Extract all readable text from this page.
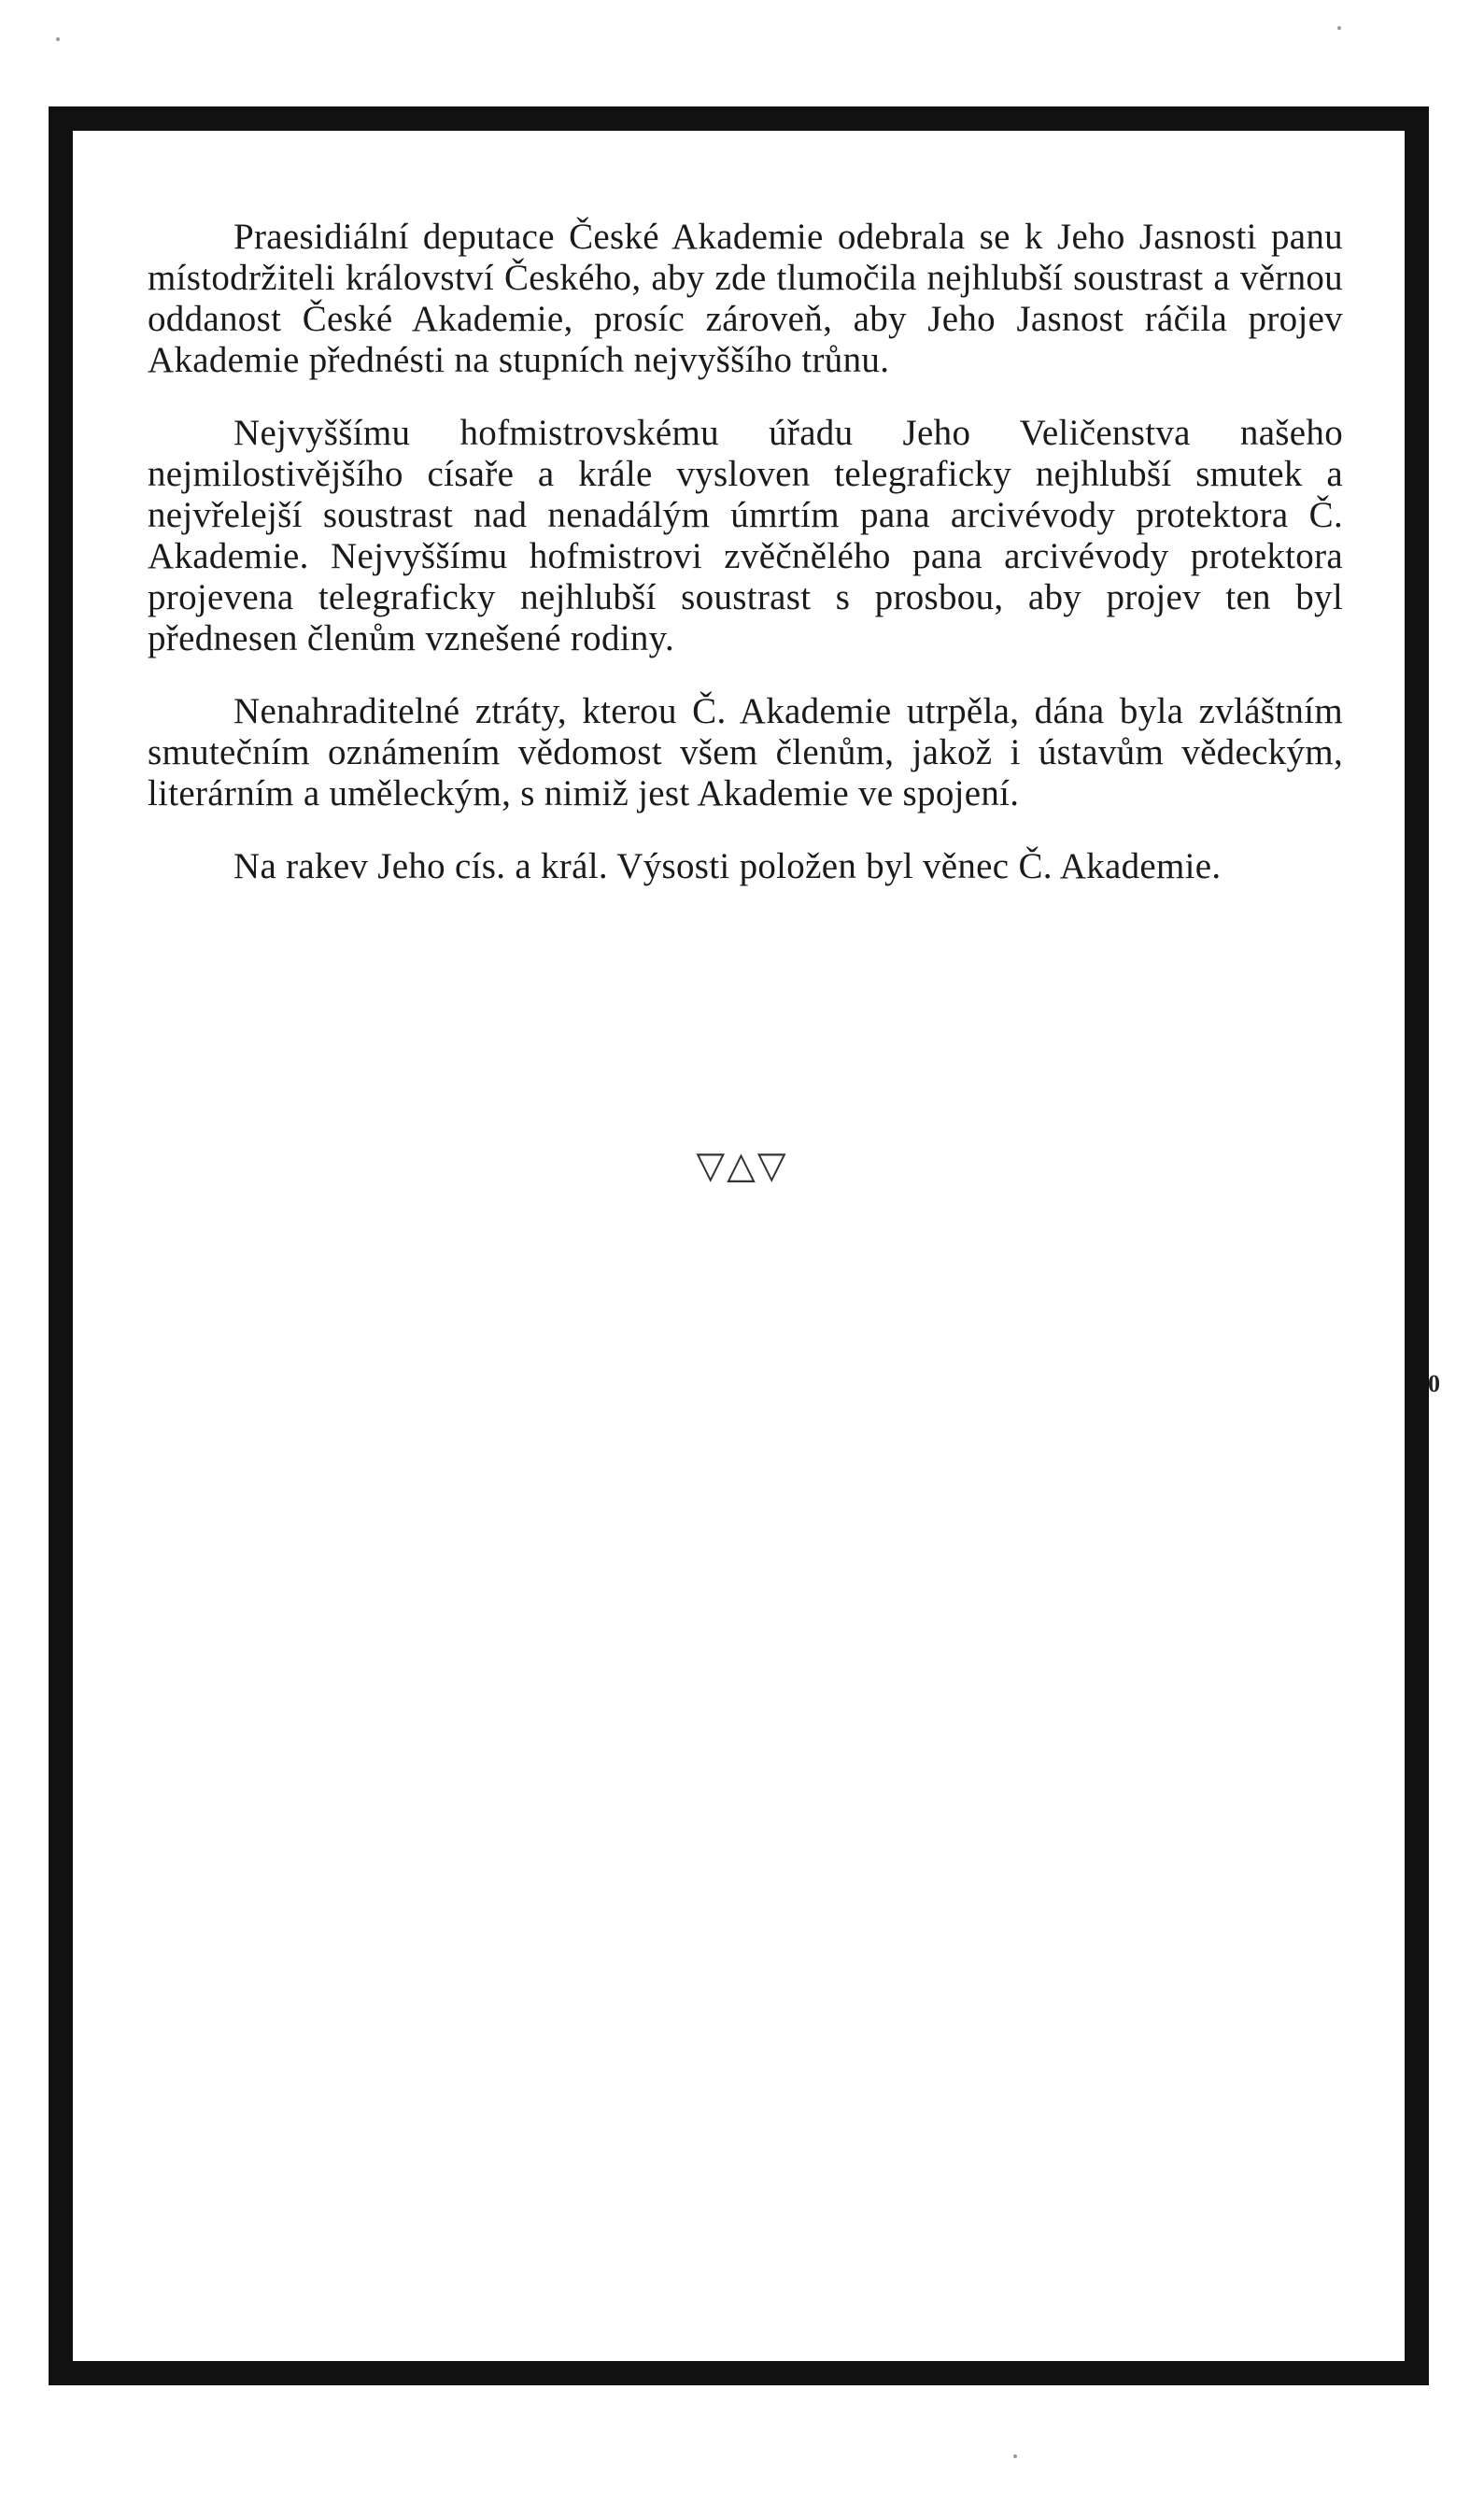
Praesidiální deputace České Akademie odebrala se k Jeho Jasnosti panu místodržiteli království Českého, aby zde tlumočila nejhlubší soustrast a věrnou oddanost České Akademie, prosíc zároveň, aby Jeho Jasnost ráčila projev Akademie přednésti na stupních nejvyššího trůnu.

Nejvyššímu hofmistrovskému úřadu Jeho Veličenstva našeho nejmilostivějšího císaře a krále vysloven telegraficky nejhlubší smutek a nejvřelejší soustrast nad nenadálým úmrtím pana arcivévody protektora Č. Akademie. Nejvyššímu hofmistrovi zvěčnělého pana arcivévody protektora projevena telegraficky nejhlubší soustrast s prosbou, aby projev ten byl přednesen členům vznešené rodiny.

Nenahraditelné ztráty, kterou Č. Akademie utrpěla, dána byla zvláštním smutečním oznámením vědomost všem členům, jakož i ústavům vědeckým, literárním a uměleckým, s nimiž jest Akademie ve spojení.

Na rakev Jeho cís. a král. Výsosti položen byl věnec Č. Akademie.

▽△▽
0
